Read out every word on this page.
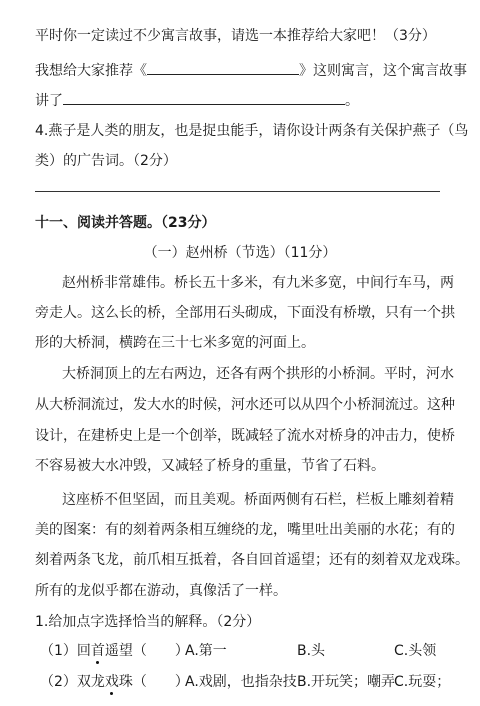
平时你一定读过不少寓言故事，请选一本推荐给大家吧！（3分）
我想给大家推荐《	》这则寓言，这个寓言故事
讲了	。
4.燕子是人类的朋友，也是捉虫能手，请你设计两条有关保护燕子（鸟
类）的广告词。（2分）
十一、阅读并答题。（23分）
（一）赵州桥（节选）（11分）
赵州桥非常雄伟。桥长五十多米，有九米多宽，中间行车马，两
旁走人。这么长的桥，全部用石头砌成，下面没有桥墩，只有一个拱
形的大桥洞，横跨在三十七米多宽的河面上。
大桥洞顶上的左右两边，还各有两个拱形的小桥洞。平时，河水
从大桥洞流过，发大水的时候，河水还可以从四个小桥洞流过。这种
设计，在建桥史上是一个创举，既减轻了流水对桥身的冲击力，使桥
不容易被大水冲毁，又减轻了桥身的重量，节省了石料。
这座桥不但坚固，而且美观。桥面两侧有石栏，栏板上雕刻着精
美的图案：有的刻着两条相互缠绕的龙，嘴里吐出美丽的水花；有的
刻着两条飞龙，前爪相互抵着，各自回首遥望；还有的刻着双龙戏珠。
所有的龙似乎都在游动，真像活了一样。
1.给加点字选择恰当的解释。（2分）
（1）回首遥望（　　）
A.第一	B.头	C.头领
（2）双龙戏珠（　　）
A.戏剧，也指杂技 B.开玩笑；嘲弄
C.玩耍；
